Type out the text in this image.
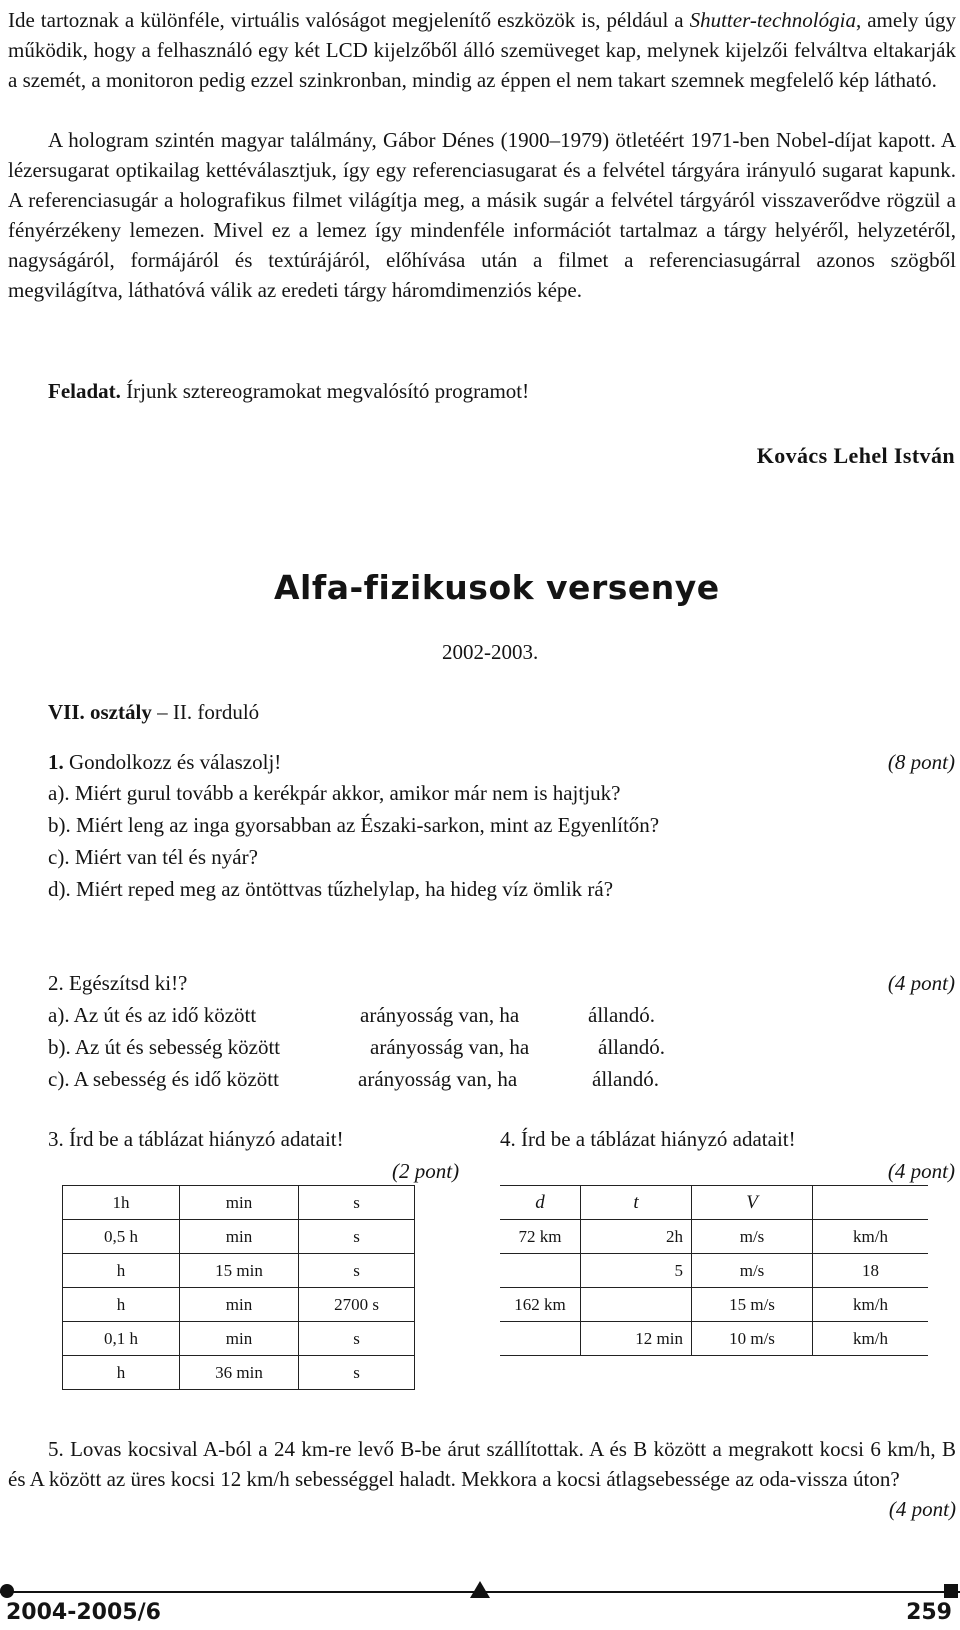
Ide tartoznak a különféle, virtuális valóságot megjelenítő eszközök is, például a Shutter-technológia, amely úgy működik, hogy a felhasználó egy két LCD kijelzőből álló szemüveget kap, melynek kijelzői felváltva eltakarják a szemét, a monitoron pedig ezzel szinkronban, mindig az éppen el nem takart szemnek megfelelő kép látható.

A hologram szintén magyar találmány, Gábor Dénes (1900–1979) ötletéért 1971-ben Nobel-díjat kapott. A lézersugarat optikailag kettéválasztjuk, így egy referenciasugarat és a felvétel tárgyára irányuló sugarat kapunk. A referenciasugár a holografikus filmet világítja meg, a másik sugár a felvétel tárgyáról visszaverődve rögzül a fényérzékeny lemezen. Mivel ez a lemez így mindenféle információt tartalmaz a tárgy helyéről, helyzetéről, nagyságáról, formájáról és textúrájáról, előhívása után a filmet a referenciasugárral azonos szögből megvilágítva, láthatóvá válik az eredeti tárgy háromdimenziós képe.

Feladat. Írjunk sztereogramokat megvalósító programot!
Kovács Lehel István
Alfa-fizikusok versenye
2002-2003.
VII. osztály – II. forduló
1. Gondolkozz és válaszolj!	(8 pont)
a). Miért gurul tovább a kerékpár akkor, amikor már nem is hajtjuk?
b). Miért leng az inga gyorsabban az Északi-sarkon, mint az Egyenlítőn?
c). Miért van tél és nyár?
d). Miért reped meg az öntöttvas tűzhelylap, ha hideg víz ömlik rá?
2. Egészítsd ki!?	(4 pont)
a). Az út és az idő között	arányosság van, ha	állandó.
b). Az út és sebesség között	arányosság van, ha	állandó.
c). A sebesség és idő között	arányosság van, ha	állandó.
3. Írd be a táblázat hiányzó adatait!
(2 pont)
1h	min	s
0,5 h	min	s
h	15 min	s
h	min	2700 s
0,1 h	min	s
h	36 min	s
4. Írd be a táblázat hiányzó adatait!
(4 pont)
d	t	V	
72 km	2h	m/s	km/h
	5	m/s	18
162 km		15 m/s	km/h
	12 min	10 m/s	km/h

5. Lovas kocsival A-ból a 24 km-re levő B-be árut szállítottak. A és B között a megrakott kocsi 6 km/h, B és A között az üres kocsi 12 km/h sebességgel haladt. Mekkora a kocsi átlagsebessége az oda-vissza úton?
(4 pont)

2004-2005/6	259
